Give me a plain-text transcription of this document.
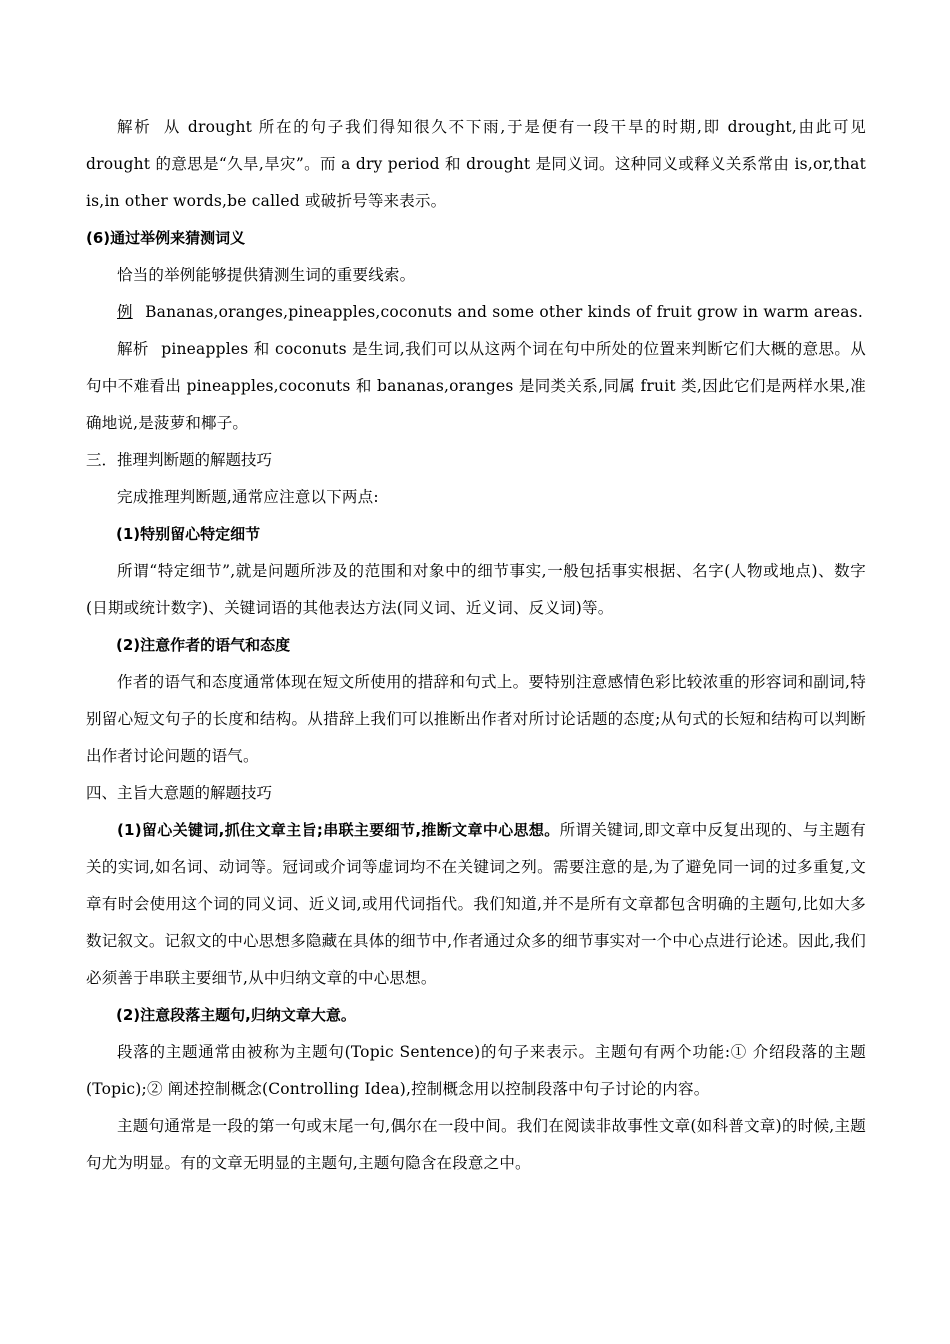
解析 从 drought 所在的句子我们得知很久不下雨,于是便有一段干旱的时期,即 drought,由此可见 drought 的意思是“久旱,旱灾”。而 a dry period 和 drought 是同义词。这种同义或释义关系常由 is,or,that is,in other words,be called 或破折号等来表示。

(6)通过举例来猜测词义

恰当的举例能够提供猜测生词的重要线索。

例 Bananas,oranges,pineapples,coconuts and some other kinds of fruit grow in warm areas.

解析 pineapples 和 coconuts 是生词,我们可以从这两个词在句中所处的位置来判断它们大概的意思。从句中不难看出 pineapples,coconuts 和 bananas,oranges 是同类关系,同属 fruit 类,因此它们是两样水果,准确地说,是菠萝和椰子。

三．推理判断题的解题技巧

完成推理判断题,通常应注意以下两点:

(1)特别留心特定细节

所谓“特定细节”,就是问题所涉及的范围和对象中的细节事实,一般包括事实根据、名字(人物或地点)、数字(日期或统计数字)、关键词语的其他表达方法(同义词、近义词、反义词)等。

(2)注意作者的语气和态度

作者的语气和态度通常体现在短文所使用的措辞和句式上。要特别注意感情色彩比较浓重的形容词和副词,特别留心短文句子的长度和结构。从措辞上我们可以推断出作者对所讨论话题的态度;从句式的长短和结构可以判断出作者讨论问题的语气。

四、主旨大意题的解题技巧

(1)留心关键词,抓住文章主旨;串联主要细节,推断文章中心思想。所谓关键词,即文章中反复出现的、与主题有关的实词,如名词、动词等。冠词或介词等虚词均不在关键词之列。需要注意的是,为了避免同一词的过多重复,文章有时会使用这个词的同义词、近义词,或用代词指代。我们知道,并不是所有文章都包含明确的主题句,比如大多数记叙文。记叙文的中心思想多隐藏在具体的细节中,作者通过众多的细节事实对一个中心点进行论述。因此,我们必须善于串联主要细节,从中归纳文章的中心思想。

(2)注意段落主题句,归纳文章大意。

段落的主题通常由被称为主题句(Topic Sentence)的句子来表示。主题句有两个功能:① 介绍段落的主题(Topic);② 阐述控制概念(Controlling Idea),控制概念用以控制段落中句子讨论的内容。

主题句通常是一段的第一句或末尾一句,偶尔在一段中间。我们在阅读非故事性文章(如科普文章)的时候,主题句尤为明显。有的文章无明显的主题句,主题句隐含在段意之中。
